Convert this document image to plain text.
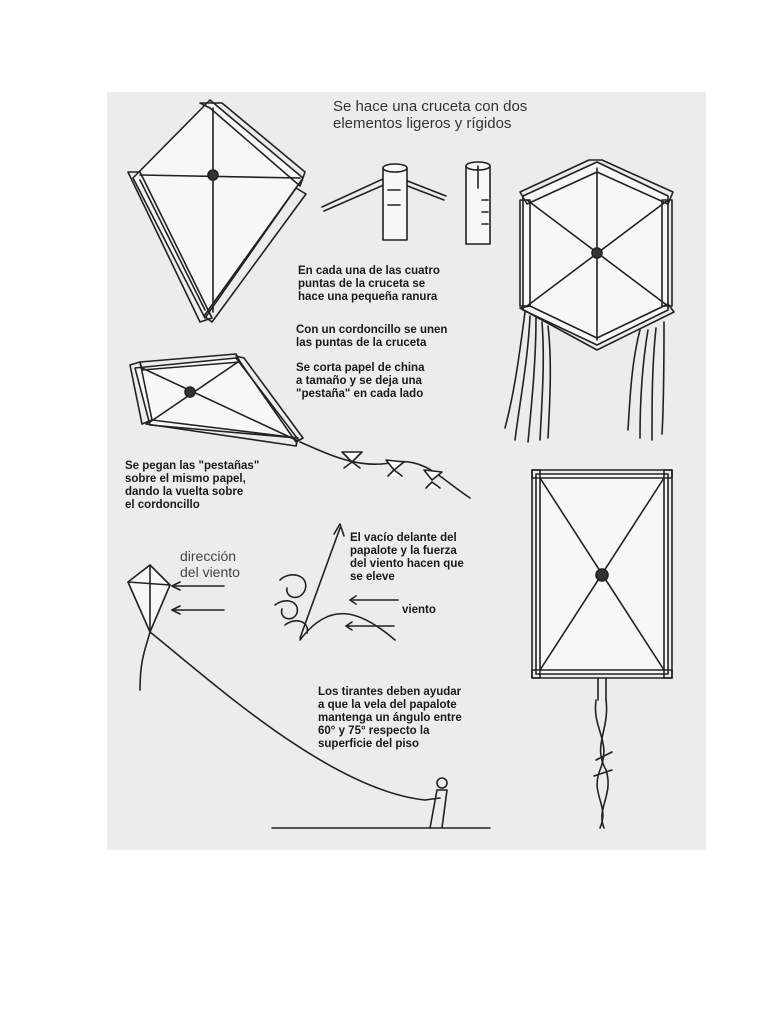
Se hace una cruceta con dos
elementos ligeros y rígidos
En cada una de las cuatro
puntas de la cruceta se
hace una pequeña ranura
Con un cordoncillo se unen
las puntas de la cruceta
Se corta papel de china
a tamaño y se deja una
"pestaña" en cada lado
Se pegan las "pestañas"
sobre el mismo papel,
dando la vuelta sobre
el cordoncillo
dirección
del viento
El vacío delante del
papalote y la fuerza
del viento hacen que
se eleve
viento
Los tirantes deben ayudar
a que la vela del papalote
mantenga un ángulo entre
60° y 75° respecto la
superficie del piso
